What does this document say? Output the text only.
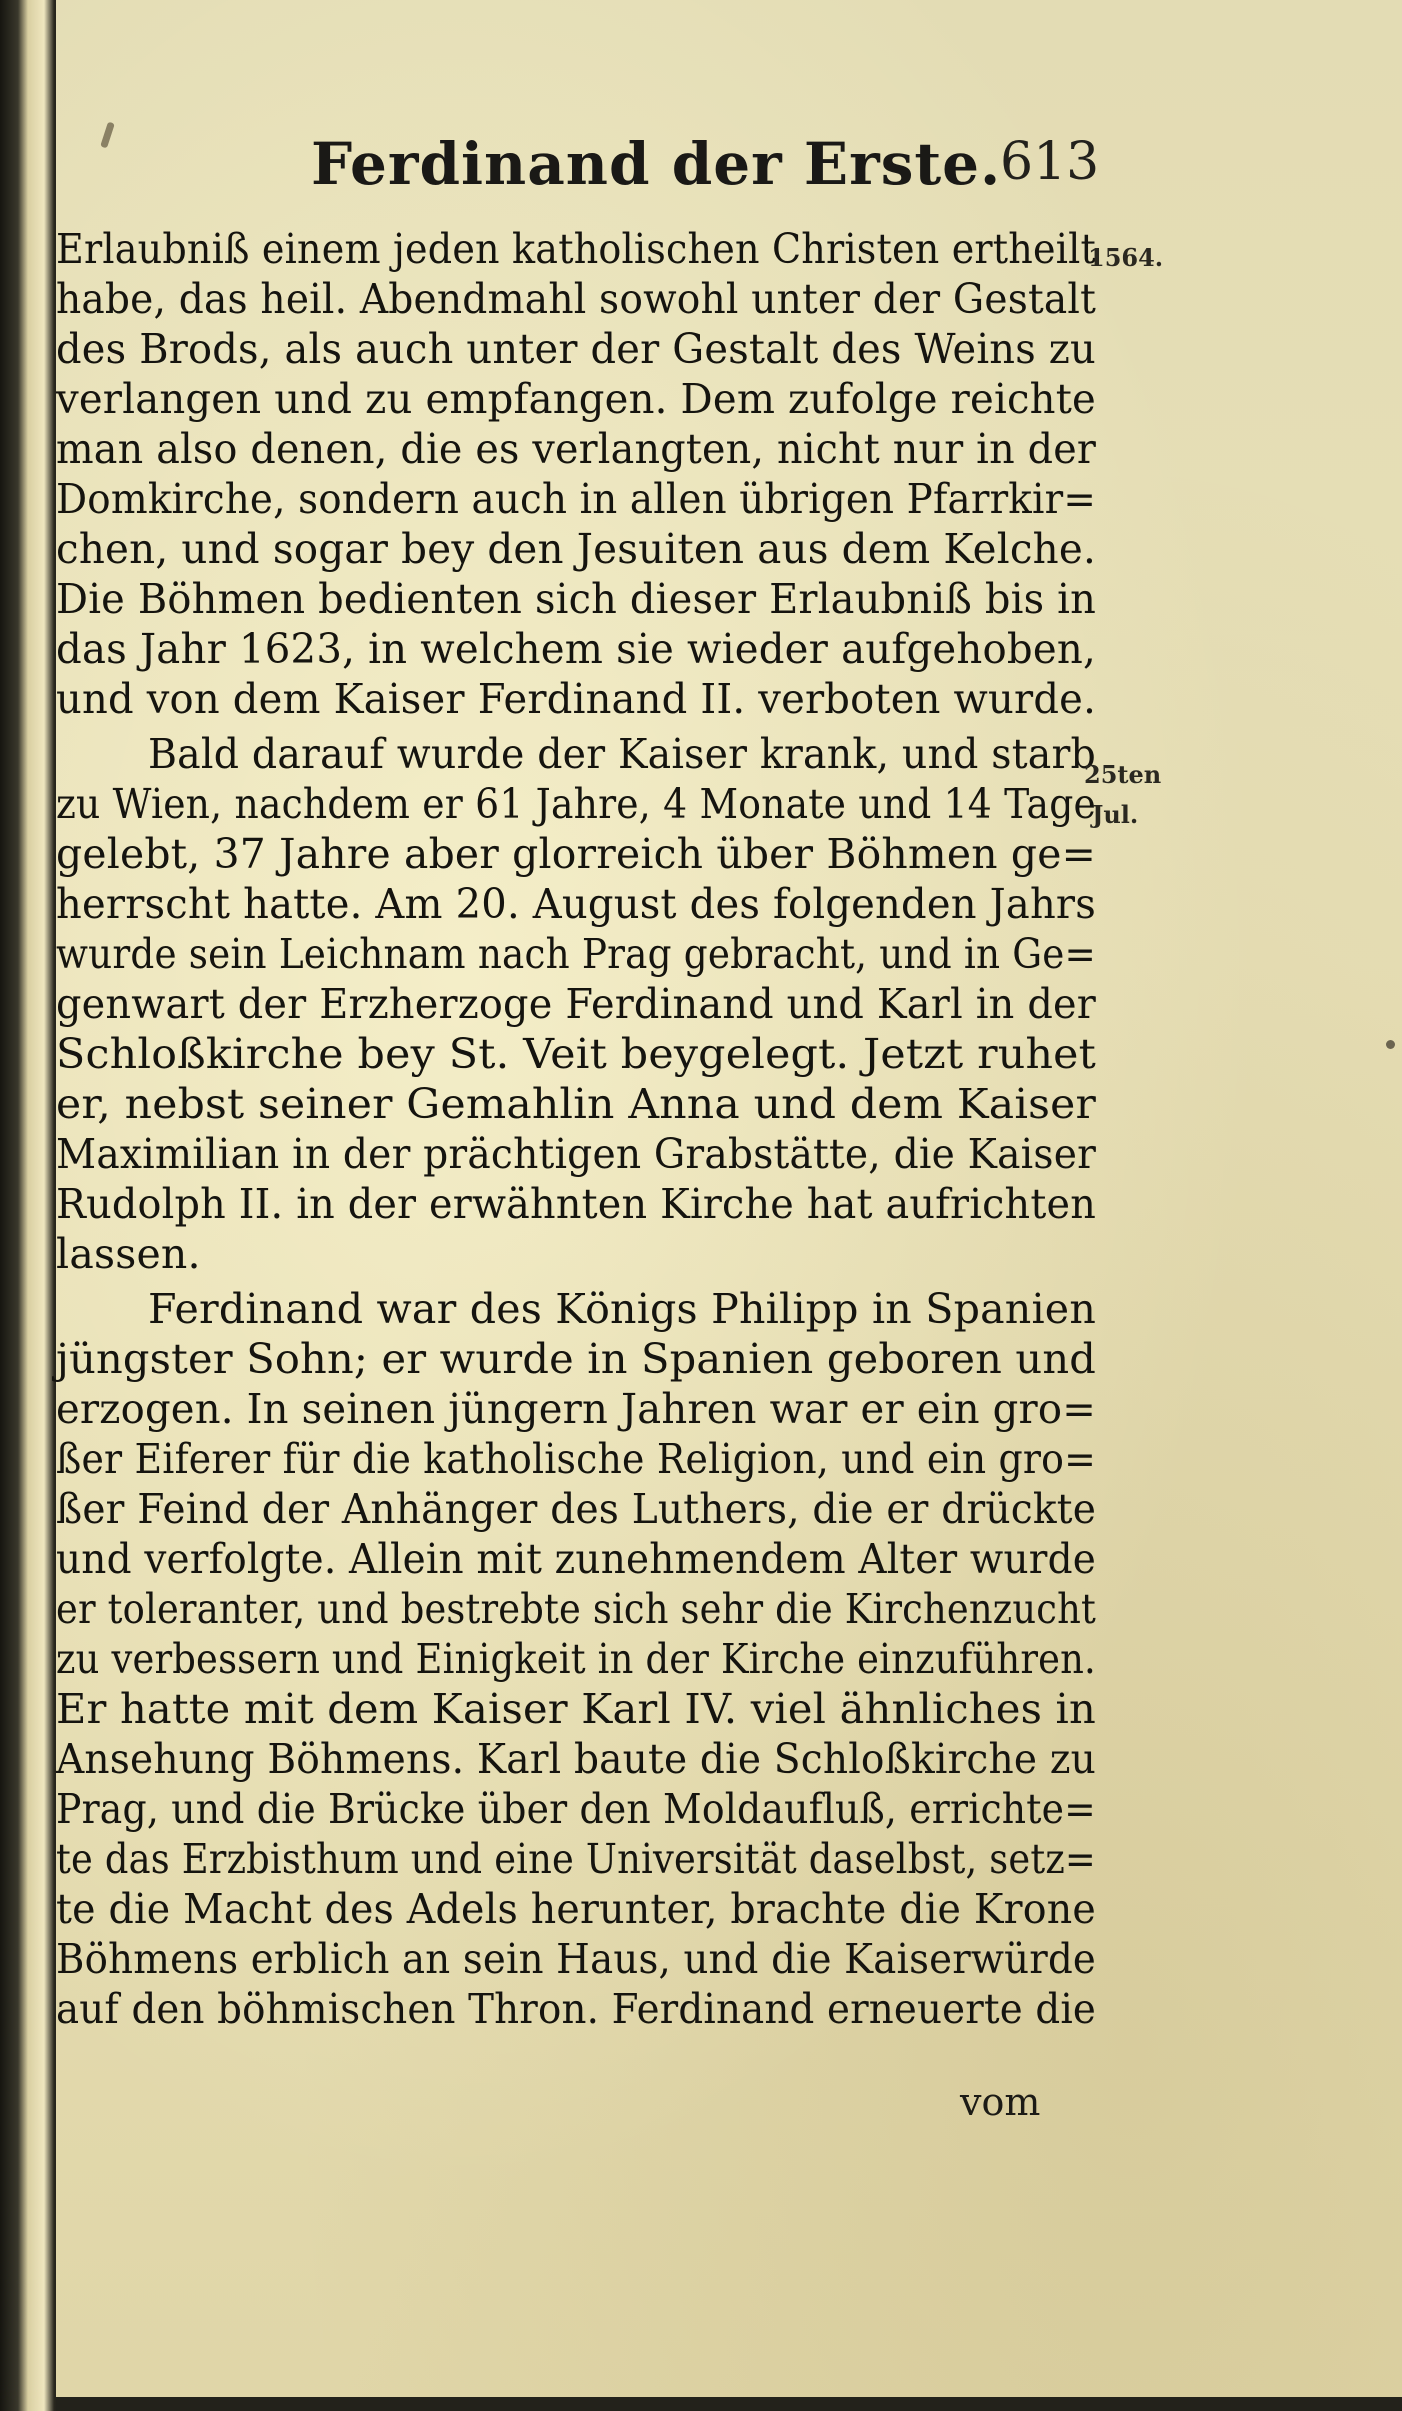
Ferdinand der Erste.
613
Erlaubniß einem jeden katholischen Christen ertheilt
habe, das heil. Abendmahl sowohl unter der Gestalt
des Brods, als auch unter der Gestalt des Weins zu
verlangen und zu empfangen. Dem zufolge reichte
man also denen, die es verlangten, nicht nur in der
Domkirche, sondern auch in allen übrigen Pfarrkir=
chen, und sogar bey den Jesuiten aus dem Kelche.
Die Böhmen bedienten sich dieser Erlaubniß bis in
das Jahr 1623, in welchem sie wieder aufgehoben,
und von dem Kaiser Ferdinand II. verboten wurde.
Bald darauf wurde der Kaiser krank, und starb
zu Wien, nachdem er 61 Jahre, 4 Monate und 14 Tage
gelebt, 37 Jahre aber glorreich über Böhmen ge=
herrscht hatte. Am 20. August des folgenden Jahrs
wurde sein Leichnam nach Prag gebracht, und in Ge=
genwart der Erzherzoge Ferdinand und Karl in der
Schloßkirche bey St. Veit beygelegt. Jetzt ruhet
er, nebst seiner Gemahlin Anna und dem Kaiser
Maximilian in der prächtigen Grabstätte, die Kaiser
Rudolph II. in der erwähnten Kirche hat aufrichten
lassen.
Ferdinand war des Königs Philipp in Spanien
jüngster Sohn; er wurde in Spanien geboren und
erzogen. In seinen jüngern Jahren war er ein gro=
ßer Eiferer für die katholische Religion, und ein gro=
ßer Feind der Anhänger des Luthers, die er drückte
und verfolgte. Allein mit zunehmendem Alter wurde
er toleranter, und bestrebte sich sehr die Kirchenzucht
zu verbessern und Einigkeit in der Kirche einzuführen.
Er hatte mit dem Kaiser Karl IV. viel ähnliches in
Ansehung Böhmens. Karl baute die Schloßkirche zu
Prag, und die Brücke über den Moldaufluß, errichte=
te das Erzbisthum und eine Universität daselbst, setz=
te die Macht des Adels herunter, brachte die Krone
Böhmens erblich an sein Haus, und die Kaiserwürde
auf den böhmischen Thron. Ferdinand erneuerte die
1564.
25ten
Jul.
vom
